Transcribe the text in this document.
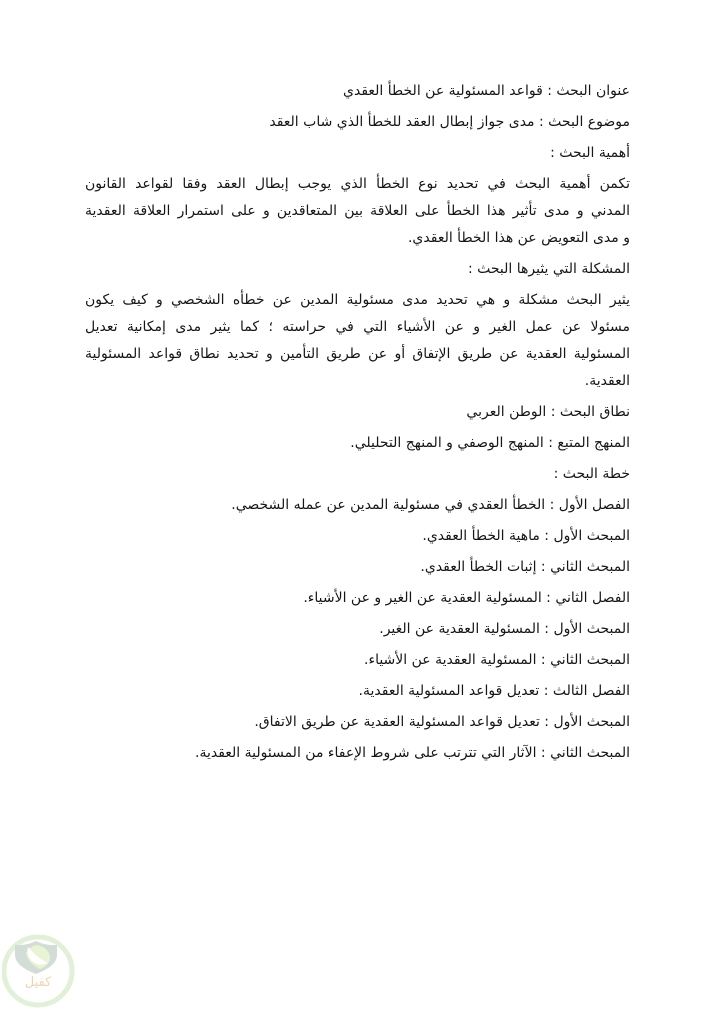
عنوان البحث : قواعد المسئولية عن الخطأ العقدي
موضوع البحث : مدى جواز إبطال العقد للخطأ الذي شاب العقد
أهمية البحث :
تكمن أهمية البحث في تحديد نوع الخطأ الذي يوجب إبطال العقد وفقا لقواعد القانون
المدني و مدى تأثير هذا الخطأ على العلاقة بين المتعاقدين و على استمرار العلاقة العقدية
و مدى التعويض عن هذا الخطأ العقدي.
المشكلة التي يثيرها البحث :
يثير البحث مشكلة و هي تحديد مدى مسئولية المدين عن خطأه الشخصي و كيف يكون
مسئولا عن عمل الغير و عن الأشياء التي في حراسته ؛ كما يثير مدى إمكانية تعديل
المسئولية العقدية عن طريق الإتفاق أو عن طريق التأمين و تحديد نطاق قواعد المسئولية
العقدية.
نطاق البحث : الوطن العربي
المنهج المتبع : المنهج الوصفي و المنهج التحليلي.
خطة البحث :
الفصل الأول : الخطأ العقدي في مسئولية المدين عن عمله الشخصي.
المبحث الأول : ماهية الخطأ العقدي.
المبحث الثاني : إثبات الخطأ العقدي.
الفصل الثاني : المسئولية العقدية عن الغير و عن الأشياء.
المبحث الأول : المسئولية العقدية عن الغير.
المبحث الثاني : المسئولية العقدية عن الأشياء.
الفصل الثالث : تعديل قواعد المسئولية العقدية.
المبحث الأول : تعديل قواعد المسئولية العقدية عن طريق الاتفاق.
المبحث الثاني : الآثار التي تترتب على شروط الإعفاء من المسئولية العقدية.
كفيل
